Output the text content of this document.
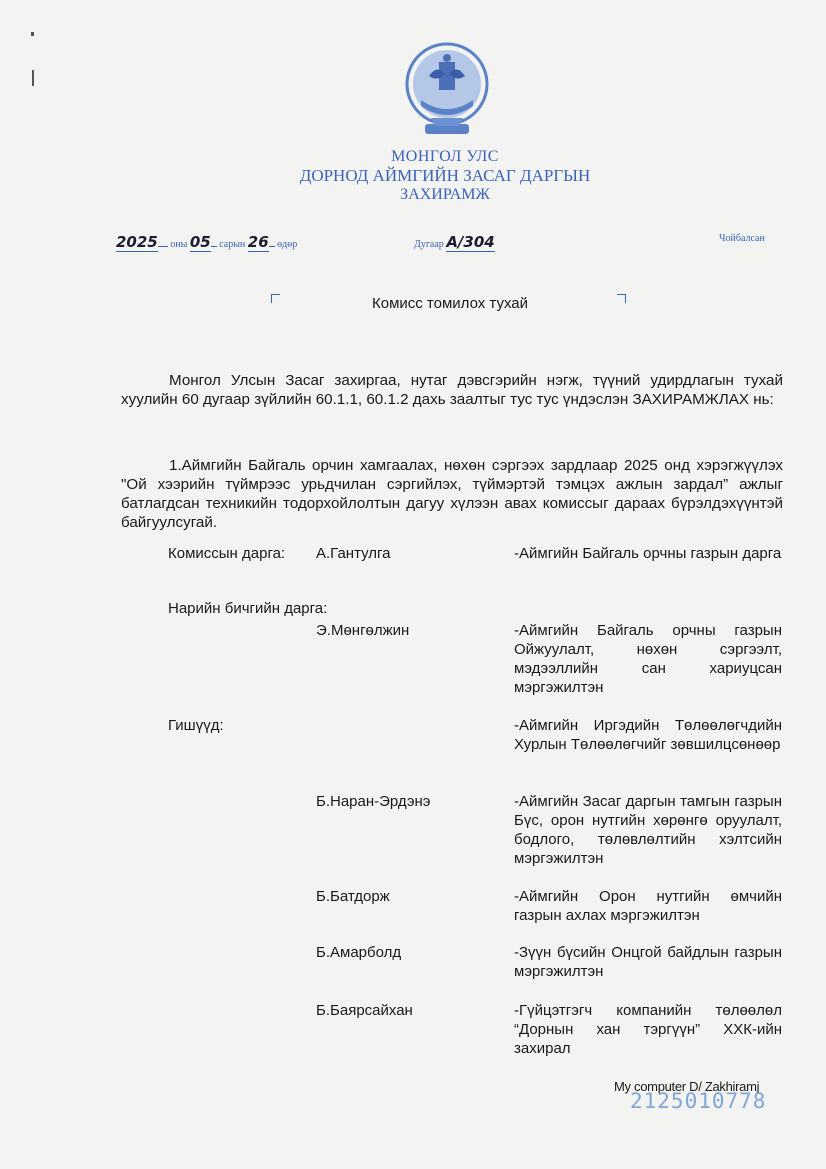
МОНГОЛ УЛС
ДОРНОД АЙМГИЙН ЗАСАГ ДАРГЫН
ЗАХИРАМЖ
2025 оны 05 сарын 26 өдөр	Дугаар А/304	Чойбалсан
Комисс томилох тухай
Монгол Улсын Засаг захиргаа, нутаг дэвсгэрийн нэгж, түүний удирдлагын тухай хуулийн 60 дугаар зүйлийн 60.1.1, 60.1.2 дахь заалтыг тус тус үндэслэн ЗАХИРАМЖЛАХ нь:
1.Аймгийн Байгаль орчин хамгаалах, нөхөн сэргээх зардлаар 2025 онд хэрэгжүүлэх "Ой хээрийн түймрээс урьдчилан сэргийлэх, түймэртэй тэмцэх ажлын зардал” ажлыг батлагдсан техникийн тодорхойлолтын дагуу хүлээн авах комиссыг дараах бүрэлдэхүүнтэй байгуулсугай.
Комиссын дарга: А.Гантулга	-Аймгийн Байгаль орчны газрын дарга
Нарийн бичгийн дарга:
Э.Мөнгөлжин	-Аймгийн Байгаль орчны газрын Ойжуулалт, нөхөн сэргээлт, мэдээллийн сан хариуцсан мэргэжилтэн
Гишүүд:	-Аймгийн Иргэдийн Төлөөлөгчдийн Хурлын Төлөөлөгчийг зөвшилцсөнөөр
Б.Наран-Эрдэнэ	-Аймгийн Засаг даргын тамгын газрын Бүс, орон нутгийн хөрөнгө оруулалт, бодлого, төлөвлөлтийн хэлтсийн мэргэжилтэн
Б.Батдорж	-Аймгийн Орон нутгийн өмчийн газрын ахлах мэргэжилтэн
Б.Амарболд	-Зүүн бүсийн Онцгой байдлын газрын мэргэжилтэн
Б.Баярсайхан	-Гүйцэтгэгч компанийн төлөөлөл “Дорнын хан тэргүүн” ХХК-ийн захирал
My computer D/ Zakhiramj
2125010778
